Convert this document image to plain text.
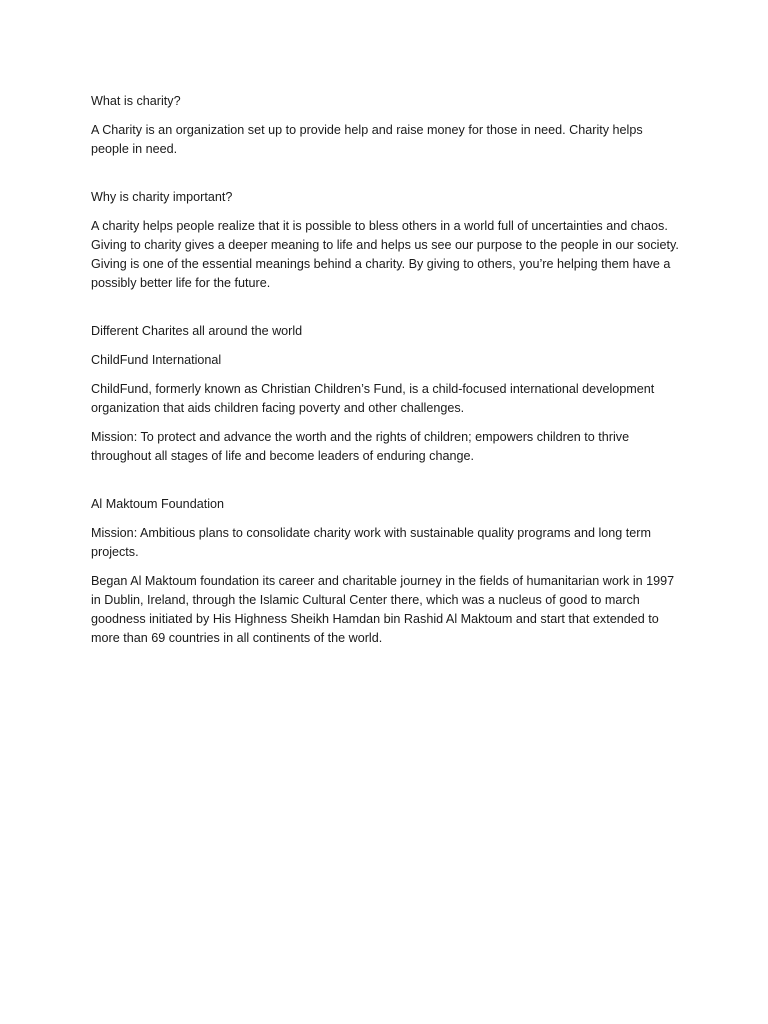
What is charity?

A Charity is an organization set up to provide help and raise money for those in need. Charity helps people in need.

Why is charity important?

A charity helps people realize that it is possible to bless others in a world full of uncertainties and chaos. Giving to charity gives a deeper meaning to life and helps us see our purpose to the people in our society. Giving is one of the essential meanings behind a charity. By giving to others, you’re helping them have a possibly better life for the future.

Different Charites all around the world

ChildFund International

ChildFund, formerly known as Christian Children’s Fund, is a child-focused international development organization that aids children facing poverty and other challenges.

Mission: To protect and advance the worth and the rights of children; empowers children to thrive throughout all stages of life and become leaders of enduring change.

Al Maktoum Foundation

Mission: Ambitious plans to consolidate charity work with sustainable quality programs and long term projects.

Began Al Maktoum foundation its career and charitable journey in the fields of humanitarian work in 1997 in Dublin, Ireland, through the Islamic Cultural Center there, which was a nucleus of good to march goodness initiated by His Highness Sheikh Hamdan bin Rashid Al Maktoum and start that extended to more than 69 countries in all continents of the world.
